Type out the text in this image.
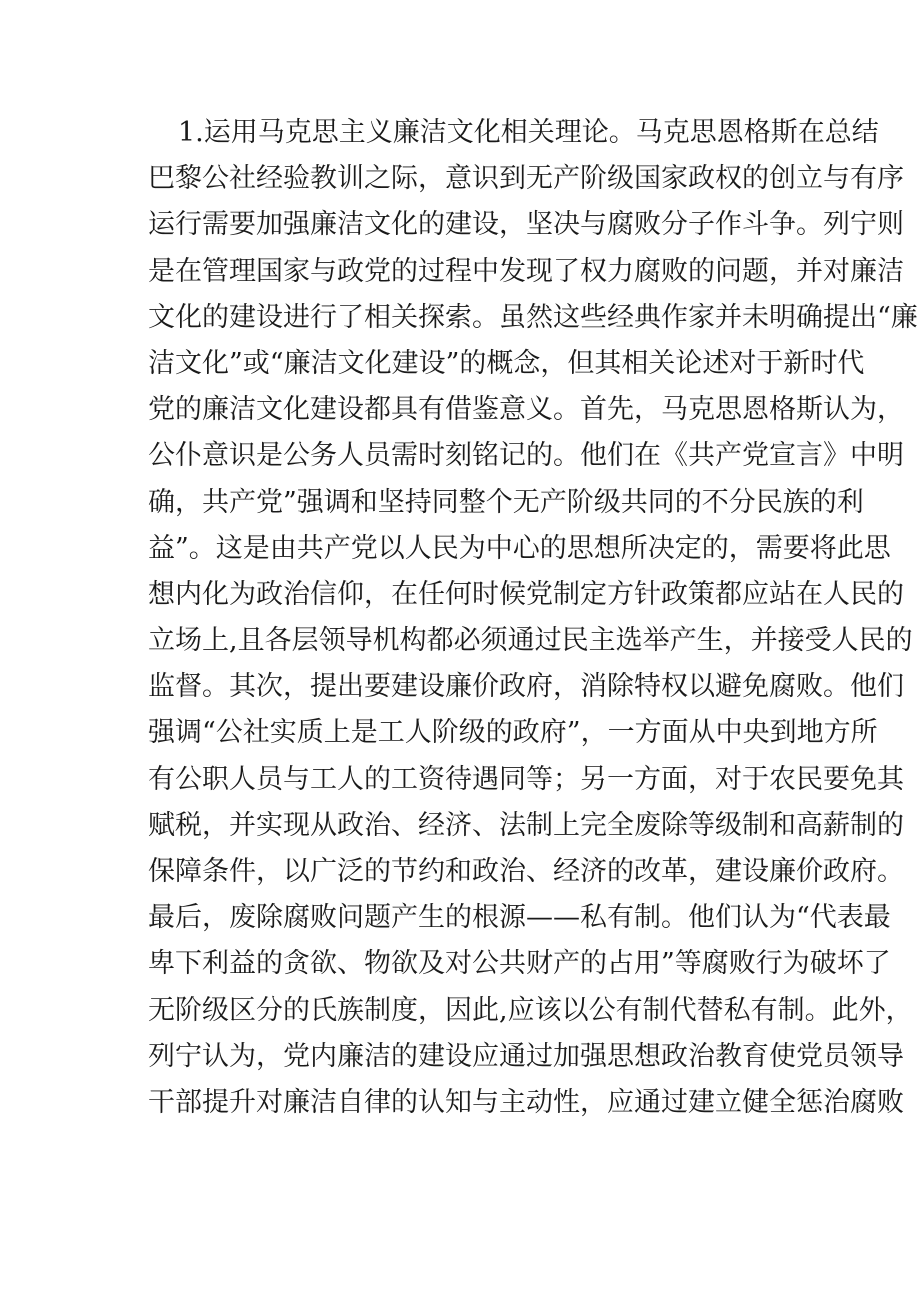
1.运用马克思主义廉洁文化相关理论。马克思恩格斯在总结
巴黎公社经验教训之际，意识到无产阶级国家政权的创立与有序
运行需要加强廉洁文化的建设，坚决与腐败分子作斗争。列宁则
是在管理国家与政党的过程中发现了权力腐败的问题，并对廉洁
文化的建设进行了相关探索。虽然这些经典作家并未明确提出“廉
洁文化”或“廉洁文化建设”的概念，但其相关论述对于新时代
党的廉洁文化建设都具有借鉴意义。首先，马克思恩格斯认为，
公仆意识是公务人员需时刻铭记的。他们在《共产党宣言》中明
确，共产党”强调和坚持同整个无产阶级共同的不分民族的利
益”。这是由共产党以人民为中心的思想所决定的，需要将此思
想内化为政治信仰，在任何时候党制定方针政策都应站在人民的
立场上,且各层领导机构都必须通过民主选举产生，并接受人民的
监督。其次，提出要建设廉价政府，消除特权以避免腐败。他们
强调“公社实质上是工人阶级的政府”，一方面从中央到地方所
有公职人员与工人的工资待遇同等；另一方面，对于农民要免其
赋税，并实现从政治、经济、法制上完全废除等级制和高薪制的
保障条件，以广泛的节约和政治、经济的改革，建设廉价政府。
最后，废除腐败问题产生的根源——私有制。他们认为“代表最
卑下利益的贪欲、物欲及对公共财产的占用”等腐败行为破坏了
无阶级区分的氏族制度，因此,应该以公有制代替私有制。此外，
列宁认为，党内廉洁的建设应通过加强思想政治教育使党员领导
干部提升对廉洁自律的认知与主动性，应通过建立健全惩治腐败
